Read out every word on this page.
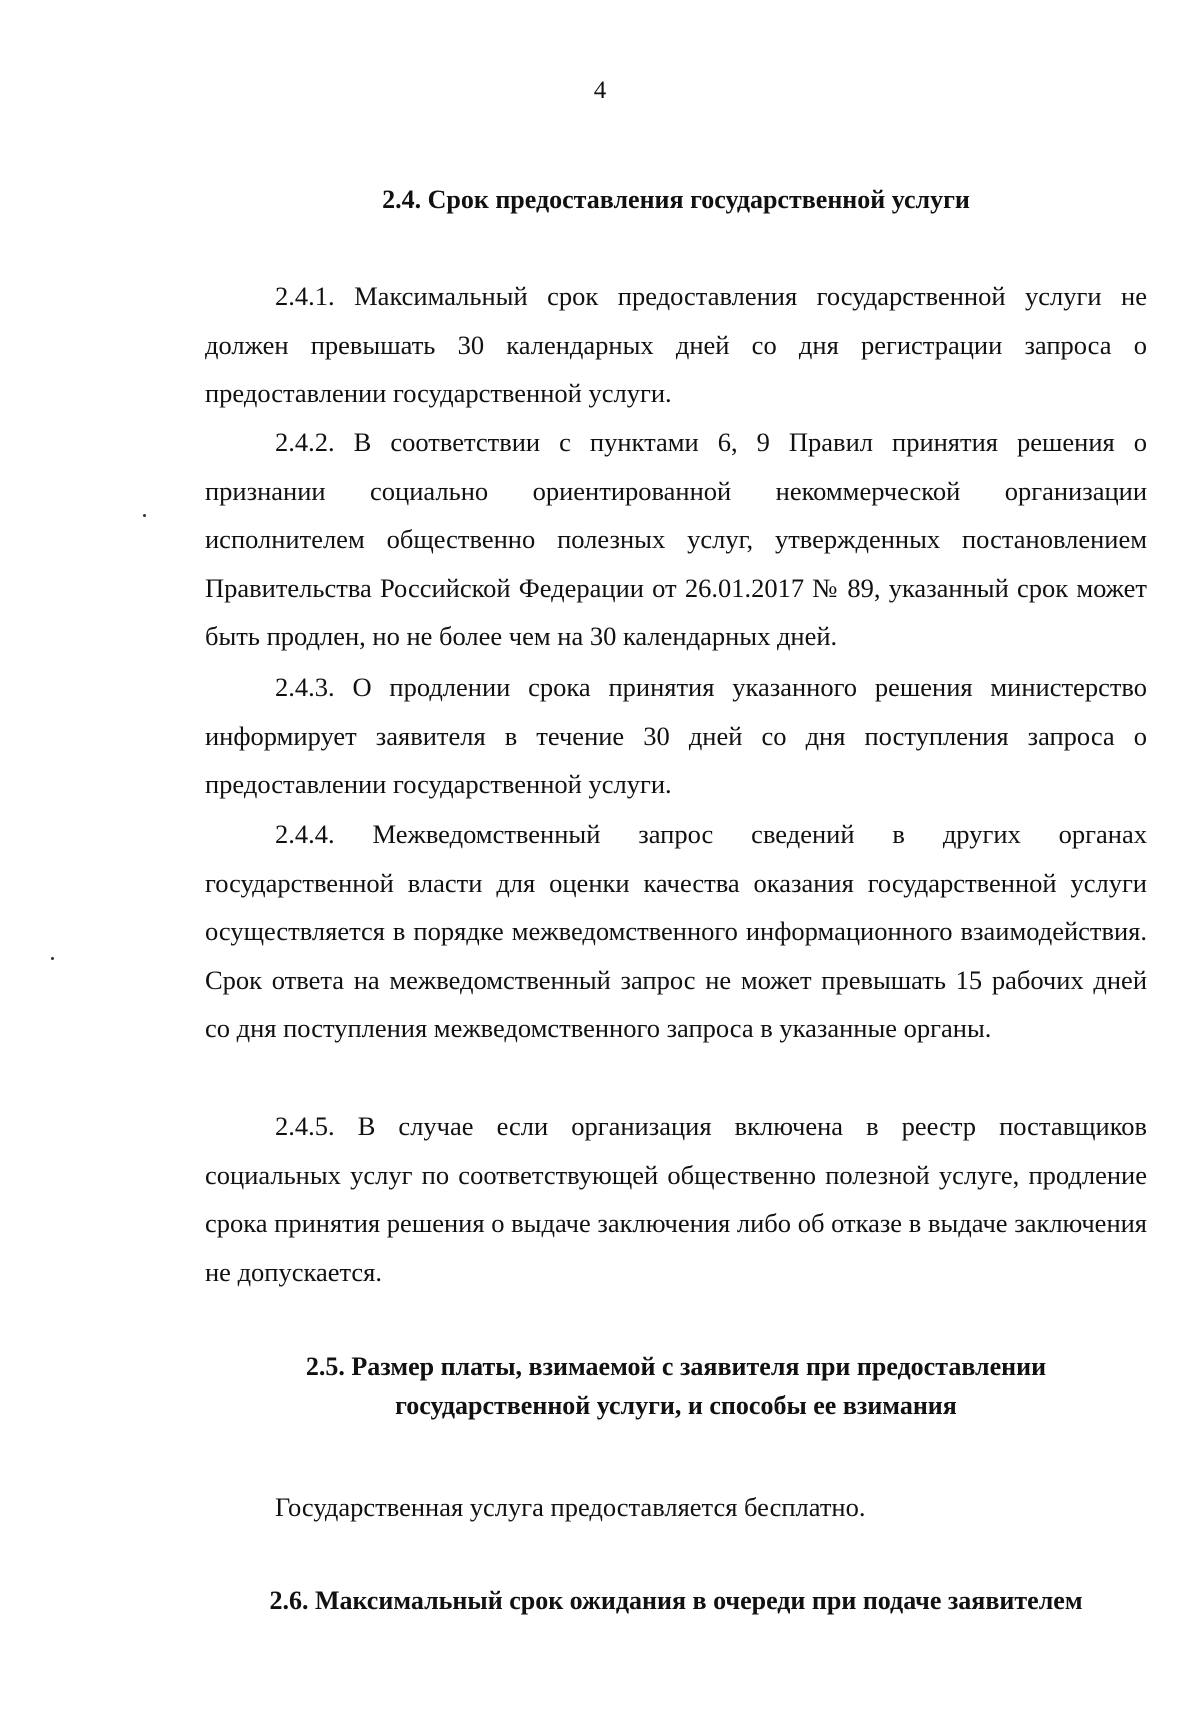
4
2.4. Срок предоставления государственной услуги

2.4.1. Максимальный срок предоставления государственной услуги не должен превышать 30 календарных дней со дня регистрации запроса о предоставлении государственной услуги.

2.4.2. В соответствии с пунктами 6, 9 Правил принятия решения о признании социально ориентированной некоммерческой организации исполнителем общественно полезных услуг, утвержденных постановлением Правительства Российской Федерации от 26.01.2017 № 89, указанный срок может быть продлен, но не более чем на 30 календарных дней.

2.4.3. О продлении срока принятия указанного решения министерство информирует заявителя в течение 30 дней со дня поступления запроса о предоставлении государственной услуги.

2.4.4. Межведомственный запрос сведений в других органах государственной власти для оценки качества оказания государственной услуги осуществляется в порядке межведомственного информационного взаимодействия. Срок ответа на межведомственный запрос не может превышать 15 рабочих дней со дня поступления межведомственного запроса в указанные органы.

2.4.5. В случае если организация включена в реестр поставщиков социальных услуг по соответствующей общественно полезной услуге, продление срока принятия решения о выдаче заключения либо об отказе в выдаче заключения не допускается.

2.5. Размер платы, взимаемой с заявителя при предоставлении
государственной услуги, и способы ее взимания

Государственная услуга предоставляется бесплатно.

2.6. Максимальный срок ожидания в очереди при подаче заявителем
